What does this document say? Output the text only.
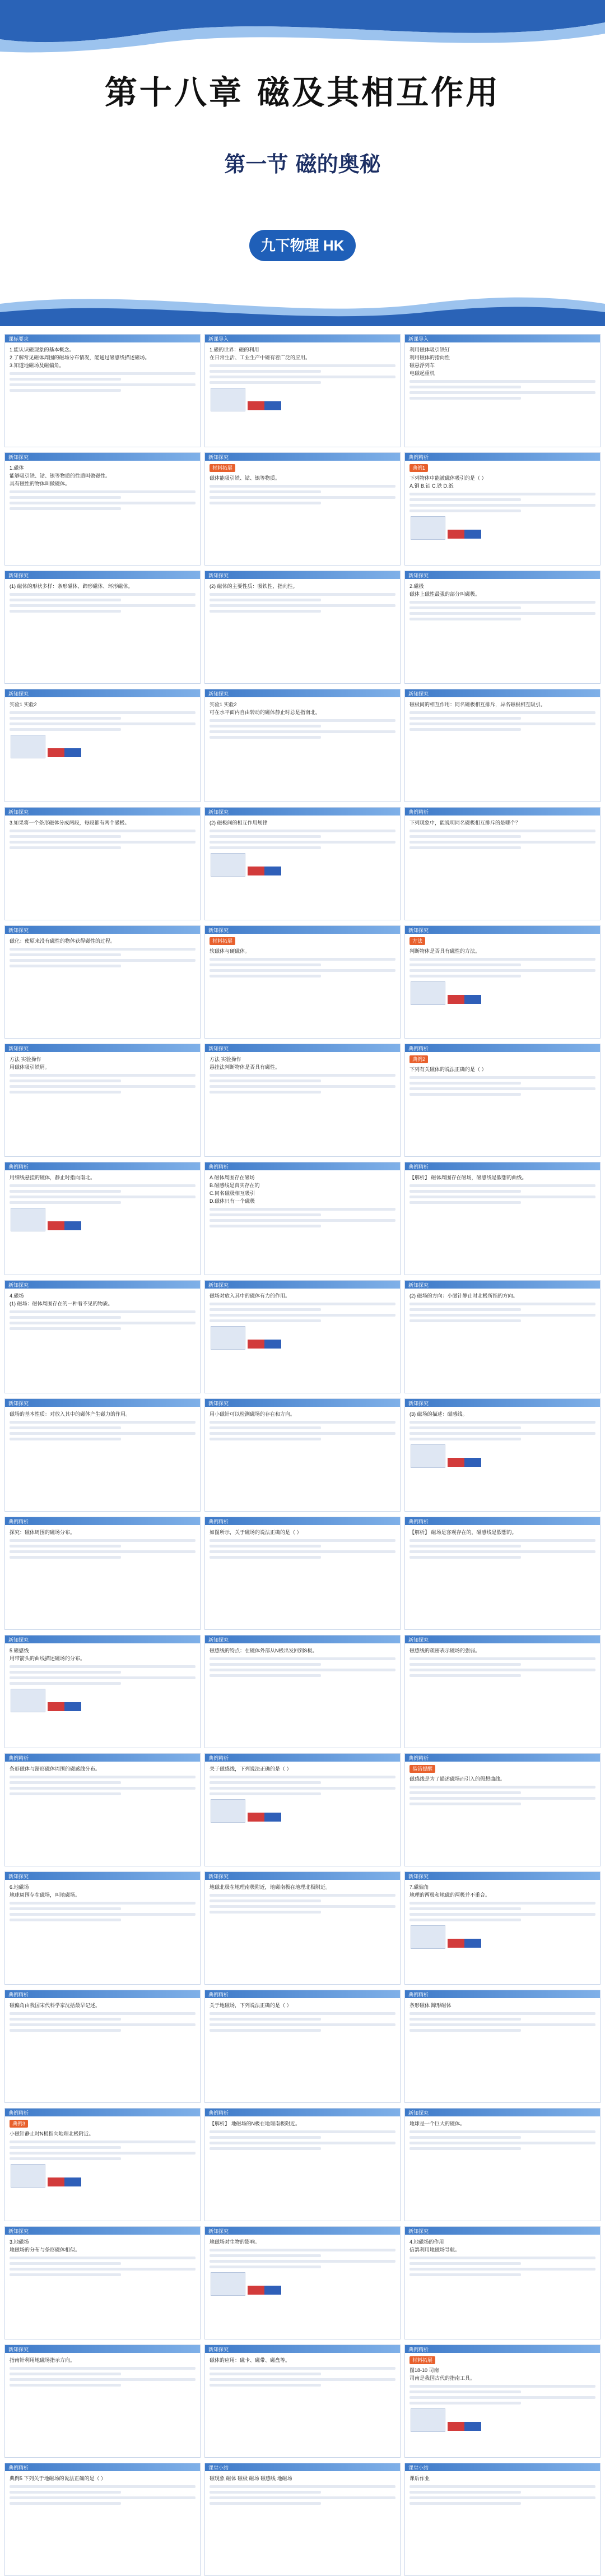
第十八章 磁及其相互作用
第一节 磁的奥秘
九下物理 HK
课标要求
1.能认识磁现象的基本概念。
2.了解常见磁体周围的磁场分布情况，能通过磁感线描述磁场。
3.知道地磁场及磁偏角。
新课导入
1.磁的世界：磁的利用
在日常生活、工业生产中磁有着广泛的应用。
新课导入
利用磁体吸引铁钉
利用磁体的指向性
磁悬浮列车
电磁起重机
新知探究
1.磁体
能够吸引铁、钴、镍等物质的性质叫做磁性。
具有磁性的物体叫做磁体。
新知探究
材料拓展
磁体能吸引铁、钴、镍等物质。
典例精析
典例1
下列物体中能被磁体吸引的是（ ）
A.铜 B.铝 C.铁 D.纸
新知探究
(1) 磁体的形状多样：条形磁体、蹄形磁体、环形磁体。
新知探究
(2) 磁体的主要性质：吸铁性、指向性。
新知探究
2.磁极
磁体上磁性最强的部分叫磁极。
新知探究
实验1 实验2
新知探究
实验1 实验2
可在水平面内自由转动的磁体静止时总是指南北。
新知探究
磁极间的相互作用：同名磁极相互排斥，异名磁极相互吸引。
新知探究
3.如果将一个条形磁体分成两段，每段都有两个磁极。
新知探究
(2) 磁极间的相互作用规律
典例精析
下列现象中，能说明同名磁极相互排斥的是哪个？
新知探究
磁化：使原来没有磁性的物体获得磁性的过程。
新知探究
材料拓展
软磁体与硬磁体。
新知探究
方法
判断物体是否具有磁性的方法。
新知探究
方法 实验操作
用磁体吸引铁屑。
新知探究
方法 实验操作
悬挂法判断物体是否具有磁性。
典例精析
典例2
下列有关磁体的说法正确的是（ ）
典例精析
用细线悬挂的磁体，静止时指向南北。
典例精析
A.磁体周围存在磁场
B.磁感线是真实存在的
C.同名磁极相互吸引
D.磁体只有一个磁极
典例精析
【解析】 磁体周围存在磁场，磁感线是假想的曲线。
新知探究
4.磁场
(1) 磁场：磁体周围存在的一种看不见的物质。
新知探究
磁场对放入其中的磁体有力的作用。
新知探究
(2) 磁场的方向：小磁针静止时北极所指的方向。
新知探究
磁场的基本性质：对放入其中的磁体产生磁力的作用。
新知探究
用小磁针可以检测磁场的存在和方向。
新知探究
(3) 磁场的描述：磁感线。
典例精析
探究：磁体周围的磁场分布。
典例精析
如图所示，关于磁场的说法正确的是（ ）
典例精析
【解析】 磁场是客观存在的，磁感线是假想的。
新知探究
5.磁感线
用带箭头的曲线描述磁场的分布。
新知探究
磁感线的特点：在磁体外部从N极出发回到S极。
新知探究
磁感线的疏密表示磁场的强弱。
典例精析
条形磁体与蹄形磁体周围的磁感线分布。
典例精析
关于磁感线，下列说法正确的是（ ）
典例精析
易错提醒
磁感线是为了描述磁场而引入的假想曲线。
新知探究
6.地磁场
地球周围存在磁场，叫地磁场。
新知探究
地磁北极在地理南极附近，地磁南极在地理北极附近。
新知探究
7.磁偏角
地理的两极和地磁的两极并不重合。
典例精析
磁偏角由我国宋代科学家沈括最早记述。
典例精析
关于地磁场，下列说法正确的是（ ）
典例精析
条形磁体 蹄形磁体
典例精析
典例3
小磁针静止时N极指向地理北极附近。
典例精析
【解析】 地磁场的N极在地理南极附近。
新知探究
地球是一个巨大的磁体。
新知探究
3.地磁场
地磁场的分布与条形磁体相似。
新知探究
地磁场对生物的影响。
新知探究
4.地磁场的作用
信鸽利用地磁场导航。
新知探究
指南针利用地磁场指示方向。
新知探究
磁体的应用：磁卡、磁带、磁盘等。
典例精析
材料拓展
图18-10 司南
司南是我国古代的指南工具。
典例精析
典例5 下列关于地磁场的说法正确的是（ ）
课堂小结
磁现象 磁体 磁极 磁场 磁感线 地磁场
课堂小结
课后作业
